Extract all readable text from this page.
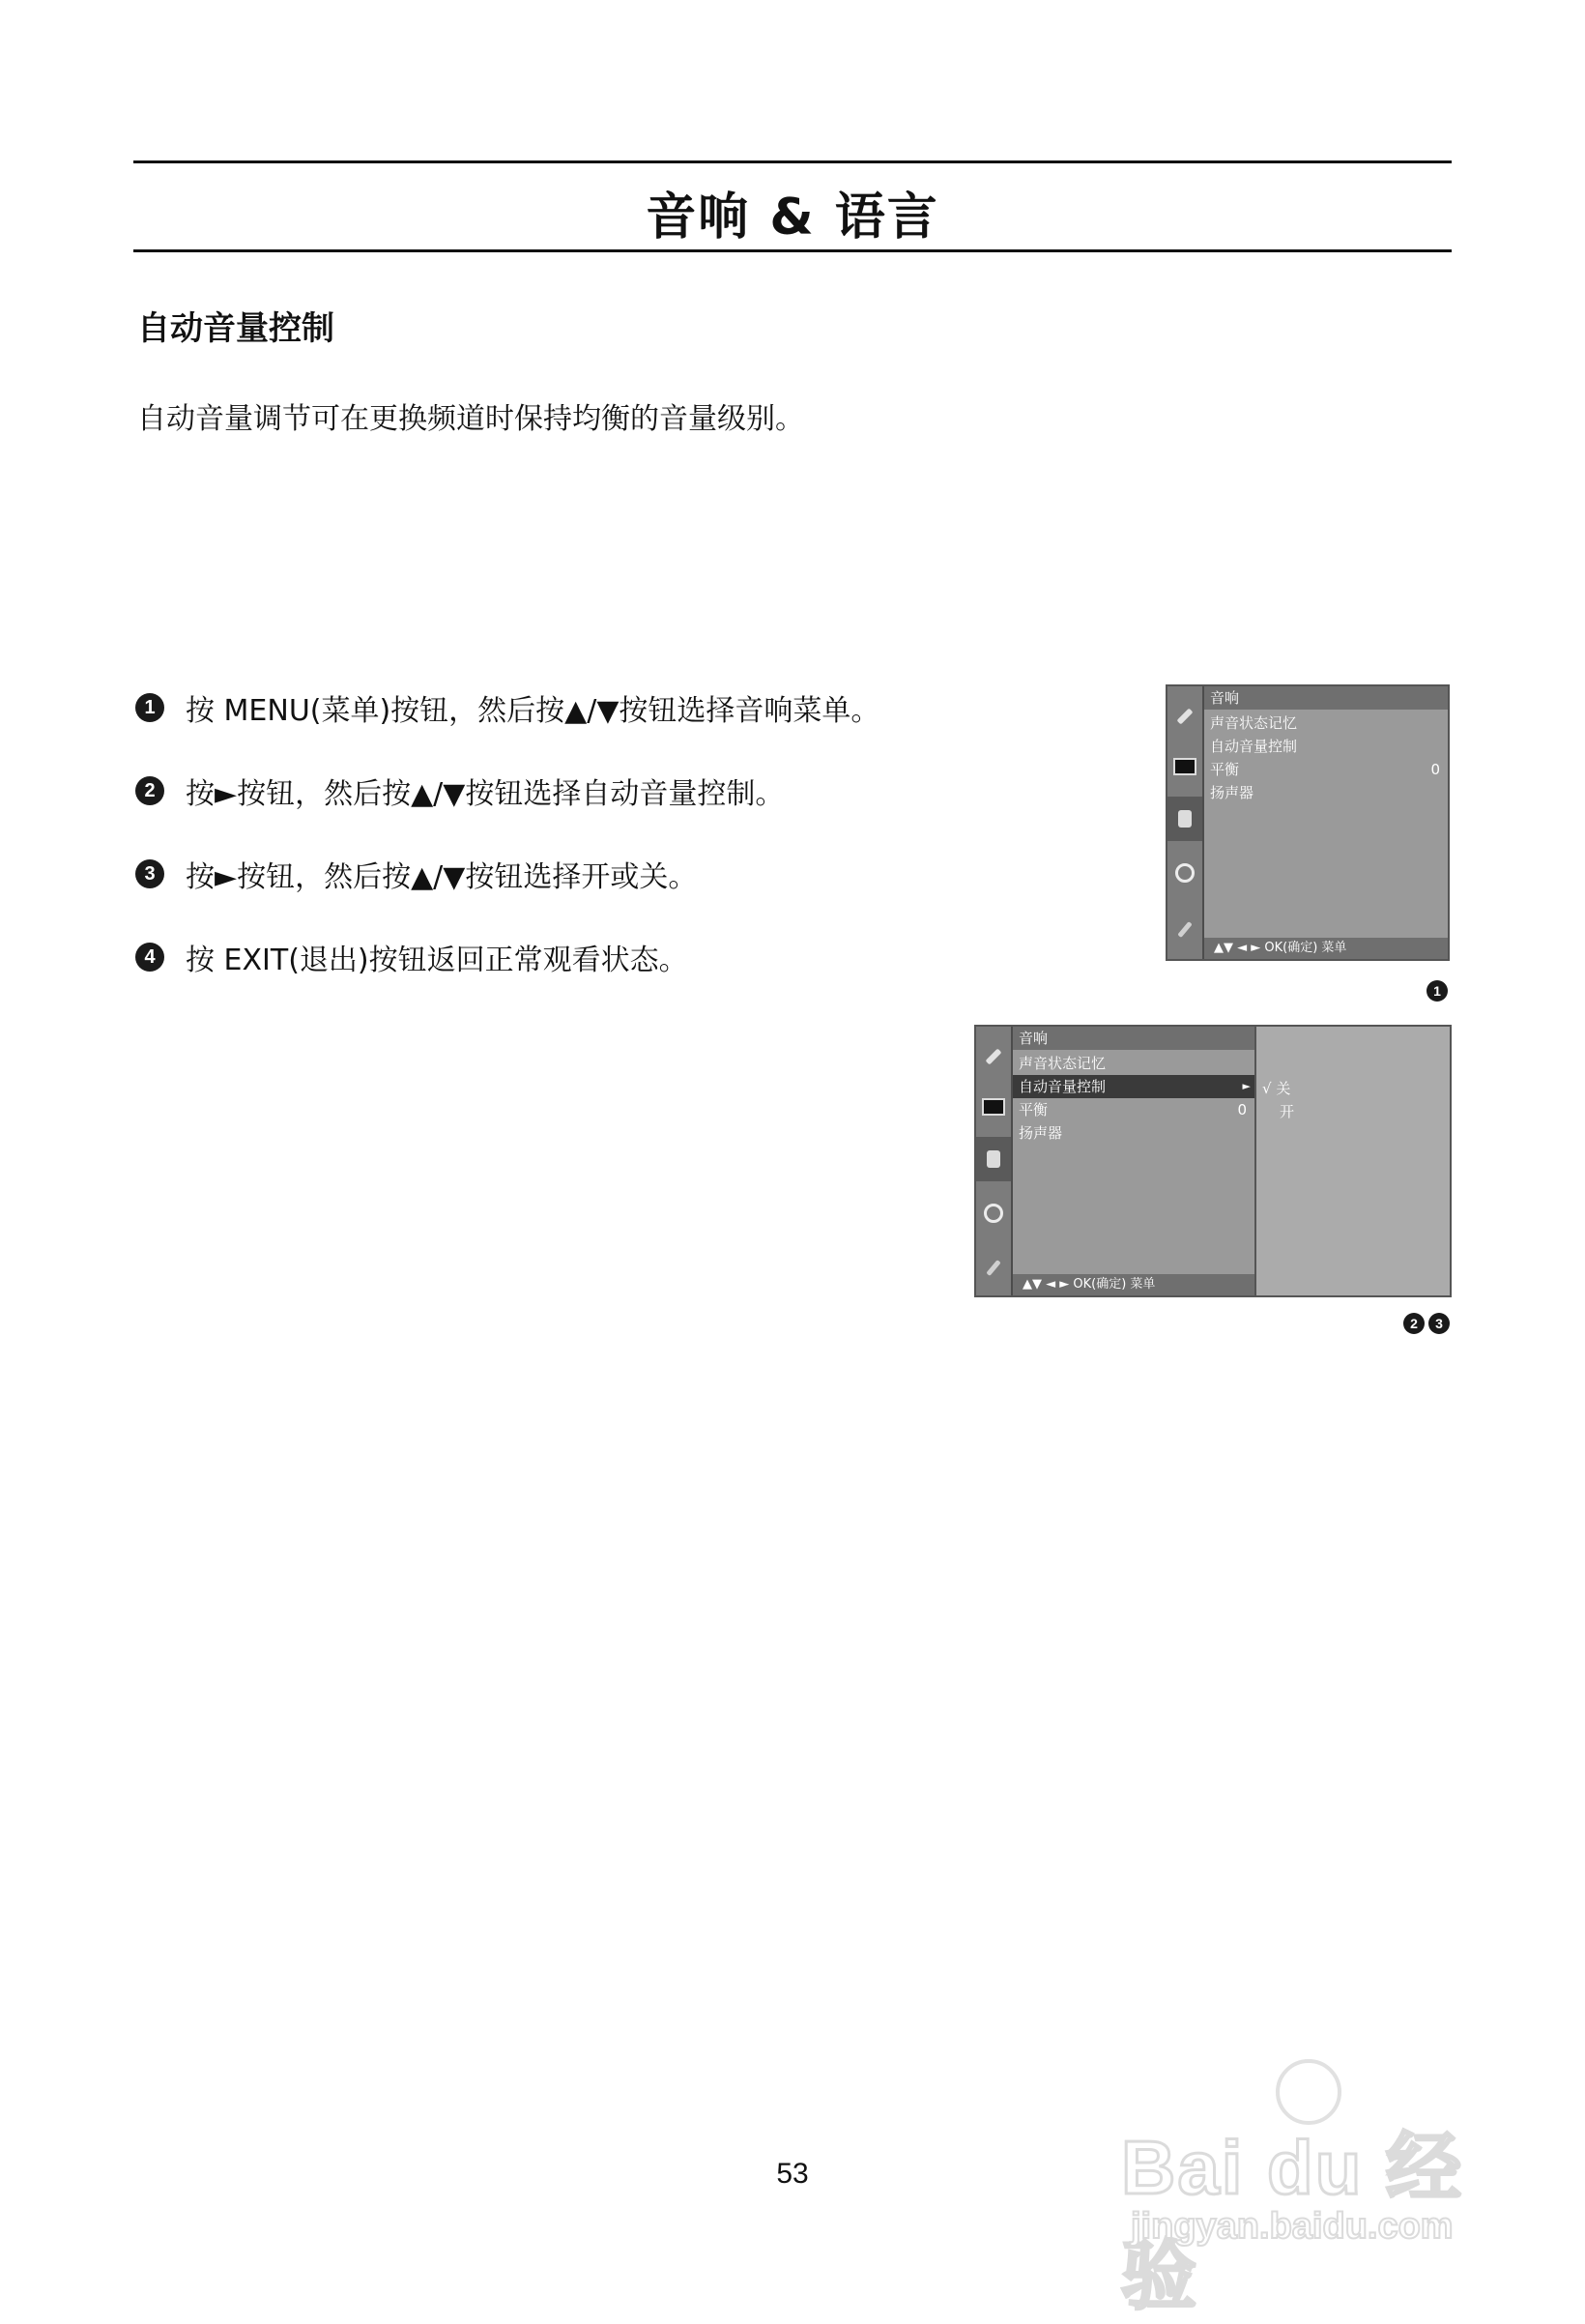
音响 & 语言
自动音量控制
自动音量调节可在更换频道时保持均衡的音量级别。
1	按 MENU(菜单)按钮，然后按▲/▼按钮选择音响菜单。
2	按►按钮，然后按▲/▼按钮选择自动音量控制。
3	按►按钮，然后按▲/▼按钮选择开或关。
4	按 EXIT(退出)按钮返回正常观看状态。
音响
声音状态记忆
自动音量控制
平衡	0
扬声器
▲▼ ◄ ► OK(确定) 菜单
1
音响
声音状态记忆
自动音量控制	►
平衡	0
扬声器
▲▼ ◄ ► OK(确定) 菜单
√ 关
开
2	3
53	Bai du 经验
jingyan.baidu.com
